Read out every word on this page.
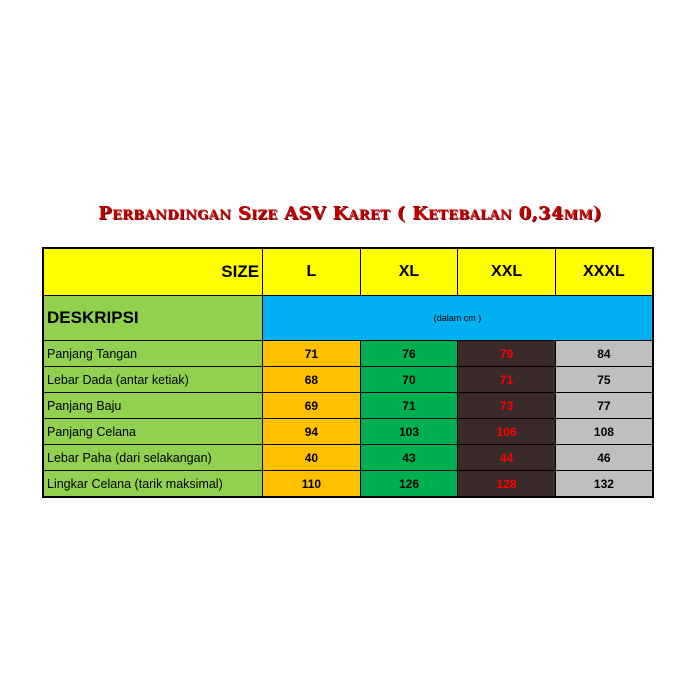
Perbandingan Size ASV Karet ( Ketebalan 0,34mm)
SIZE	L	XL	XXL	XXXL
DESKRIPSI	(dalam cm )			
Panjang Tangan	71	76	79	84
Lebar Dada (antar ketiak)	68	70	71	75
Panjang Baju	69	71	73	77
Panjang Celana	94	103	106	108
Lebar Paha (dari selakangan)	40	43	44	46
Lingkar Celana (tarik maksimal)	110	126	128	132
